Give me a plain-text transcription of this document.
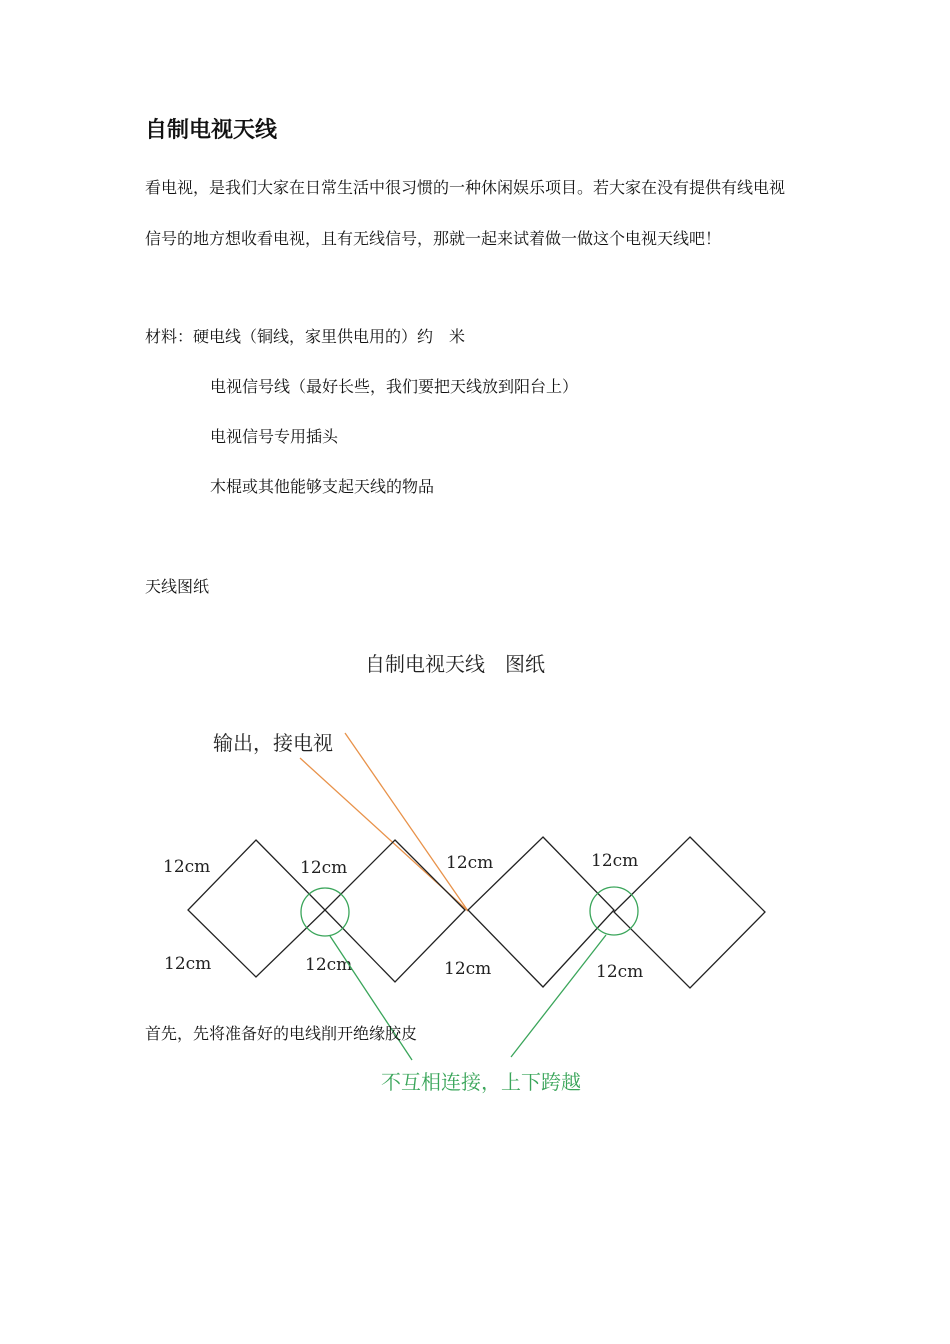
自制电视天线
看电视，是我们大家在日常生活中很习惯的一种休闲娱乐项目。若大家在没有提供有线电视
信号的地方想收看电视，且有无线信号，那就一起来试着做一做这个电视天线吧！
材料：硬电线（铜线，家里供电用的）约　米
电视信号线（最好长些，我们要把天线放到阳台上）
电视信号专用插头
木棍或其他能够支起天线的物品
天线图纸
自制电视天线　图纸
输出，接电视
12cm	12cm	12cm	12cm
12cm	12cm	12cm	12cm
不互相连接，上下跨越
首先，先将准备好的电线削开绝缘胶皮
